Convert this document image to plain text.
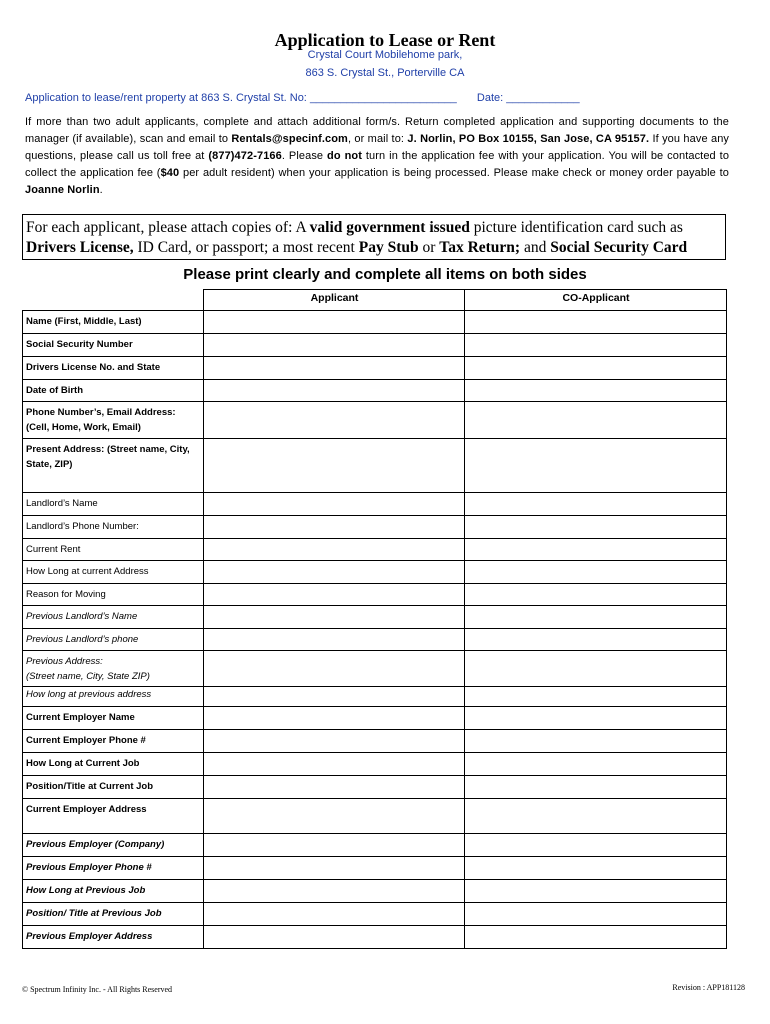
Application to Lease or Rent
Crystal Court Mobilehome park,
863 S. Crystal St., Porterville CA
Application to lease/rent property at 863 S. Crystal St. No: ________________________ Date: ____________
If more than two adult applicants, complete and attach additional form/s. Return completed application and supporting documents to the manager (if available), scan and email to Rentals@specinf.com, or mail to: J. Norlin, PO Box 10155, San Jose, CA 95157. If you have any questions, please call us toll free at (877)472-7166. Please do not turn in the application fee with your application. You will be contacted to collect the application fee ($40 per adult resident) when your application is being processed. Please make check or money order payable to Joanne Norlin.
For each applicant, please attach copies of: A valid government issued picture identification card such as Drivers License, ID Card, or passport; a most recent Pay Stub or Tax Return; and Social Security Card
Please print clearly and complete all items on both sides
	Applicant	CO-Applicant
Name (First, Middle, Last)		
Social Security Number		
Drivers License No. and State		
Date of Birth		

Phone Number’s, Email Address:
(Cell, Home, Work, Email)		

Present Address: (Street name, City,
State, ZIP)		

Landlord’s Name		
Landlord’s Phone Number:		
Current Rent		
How Long at current Address		
Reason for Moving		
Previous Landlord’s Name		
Previous Landlord’s phone		

Previous Address:
(Street name, City, State ZIP)		

How long at previous address		
Current Employer Name		
Current Employer Phone #		
How Long at Current Job		
Position/Title at Current Job		
Current Employer Address		
Previous Employer (Company)		
Previous Employer Phone #		
How Long at Previous Job		
Position/ Title at Previous Job		
Previous Employer Address		
© Spectrum Infinity Inc. - All Rights Reserved	Revision : APP181128
